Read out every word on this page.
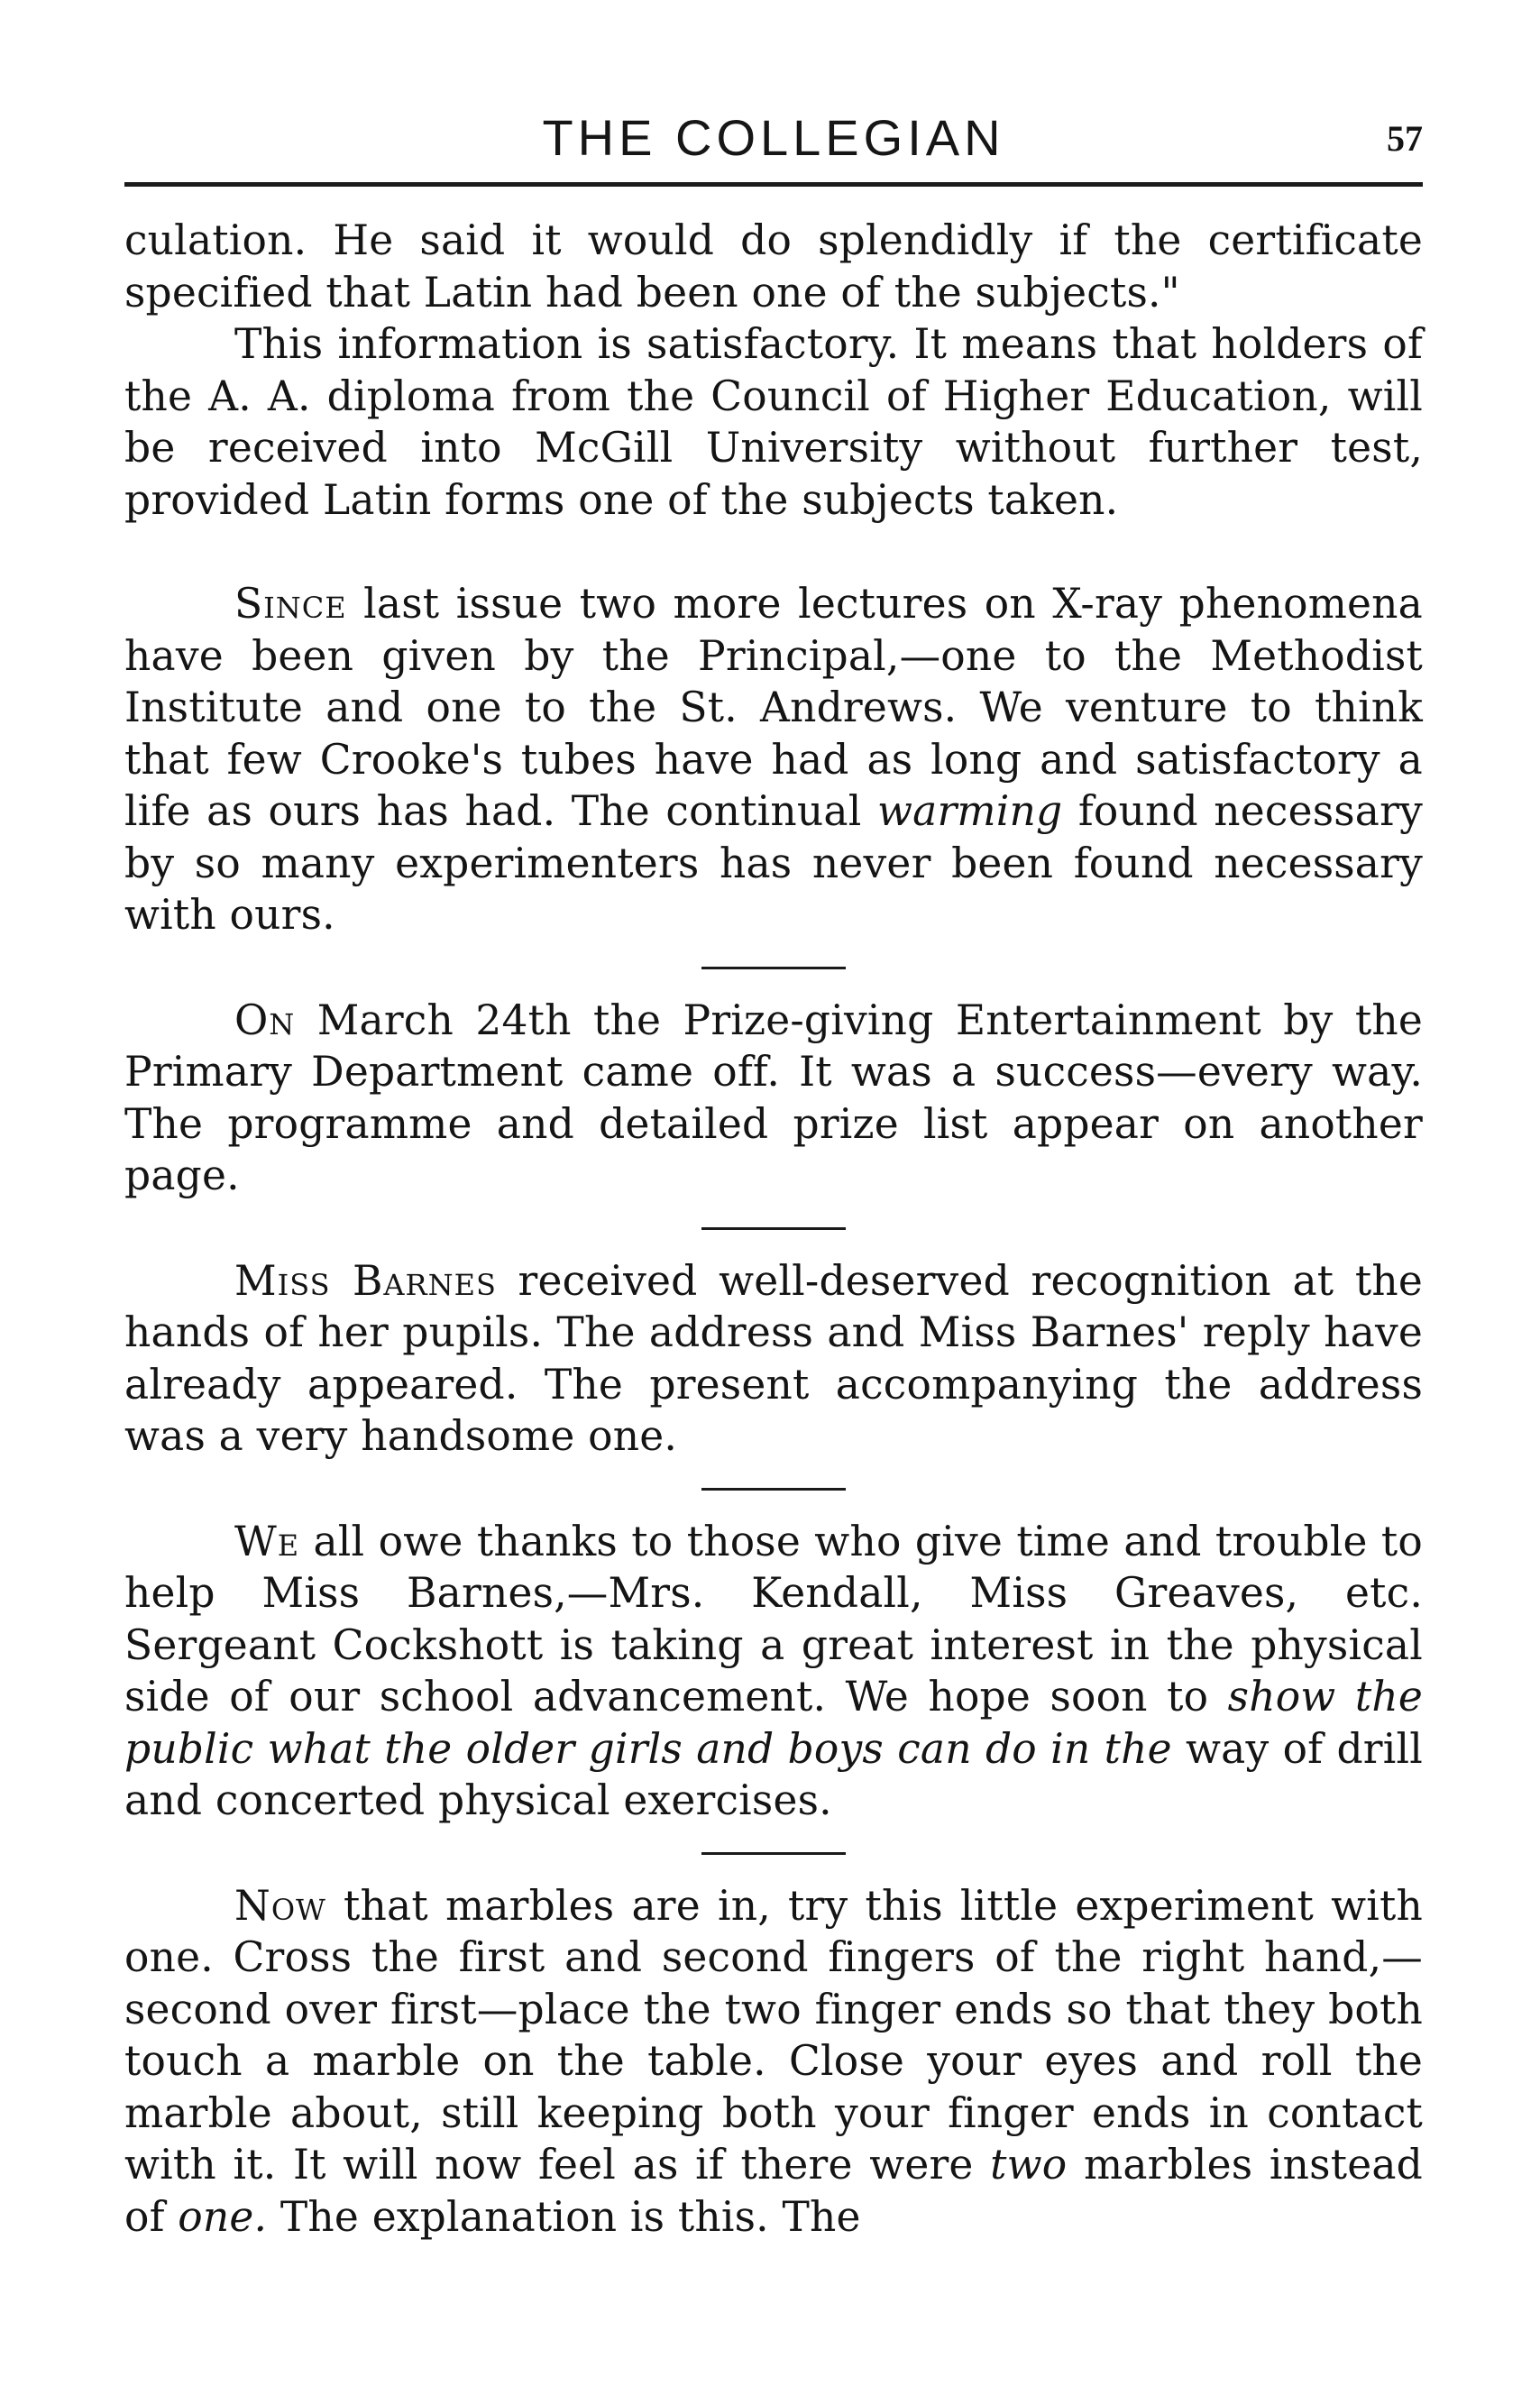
THE COLLEGIAN	57

culation. He said it would do splendidly if the certificate specified that Latin had been one of the subjects."

This information is satisfactory. It means that holders of the A. A. diploma from the Council of Higher Education, will be received into McGill University without further test, provided Latin forms one of the subjects taken.

Since last issue two more lectures on X-ray phenomena have been given by the Principal,—one to the Methodist Institute and one to the St. Andrews. We venture to think that few Crooke's tubes have had as long and satisfactory a life as ours has had. The continual warming found necessary by so many experimenters has never been found necessary with ours.

On March 24th the Prize-giving Entertainment by the Primary Department came off. It was a success—every way. The programme and detailed prize list appear on another page.

Miss Barnes received well-deserved recognition at the hands of her pupils. The address and Miss Barnes' reply have already appeared. The present accompanying the address was a very handsome one.

We all owe thanks to those who give time and trouble to help Miss Barnes,—Mrs. Kendall, Miss Greaves, etc. Sergeant Cockshott is taking a great interest in the physical side of our school advancement. We hope soon to show the public what the older girls and boys can do in the way of drill and concerted physical exercises.

Now that marbles are in, try this little experiment with one. Cross the first and second fingers of the right hand,—second over first—place the two finger ends so that they both touch a marble on the table. Close your eyes and roll the marble about, still keeping both your finger ends in contact with it. It will now feel as if there were two marbles instead of one. The explanation is this. The
